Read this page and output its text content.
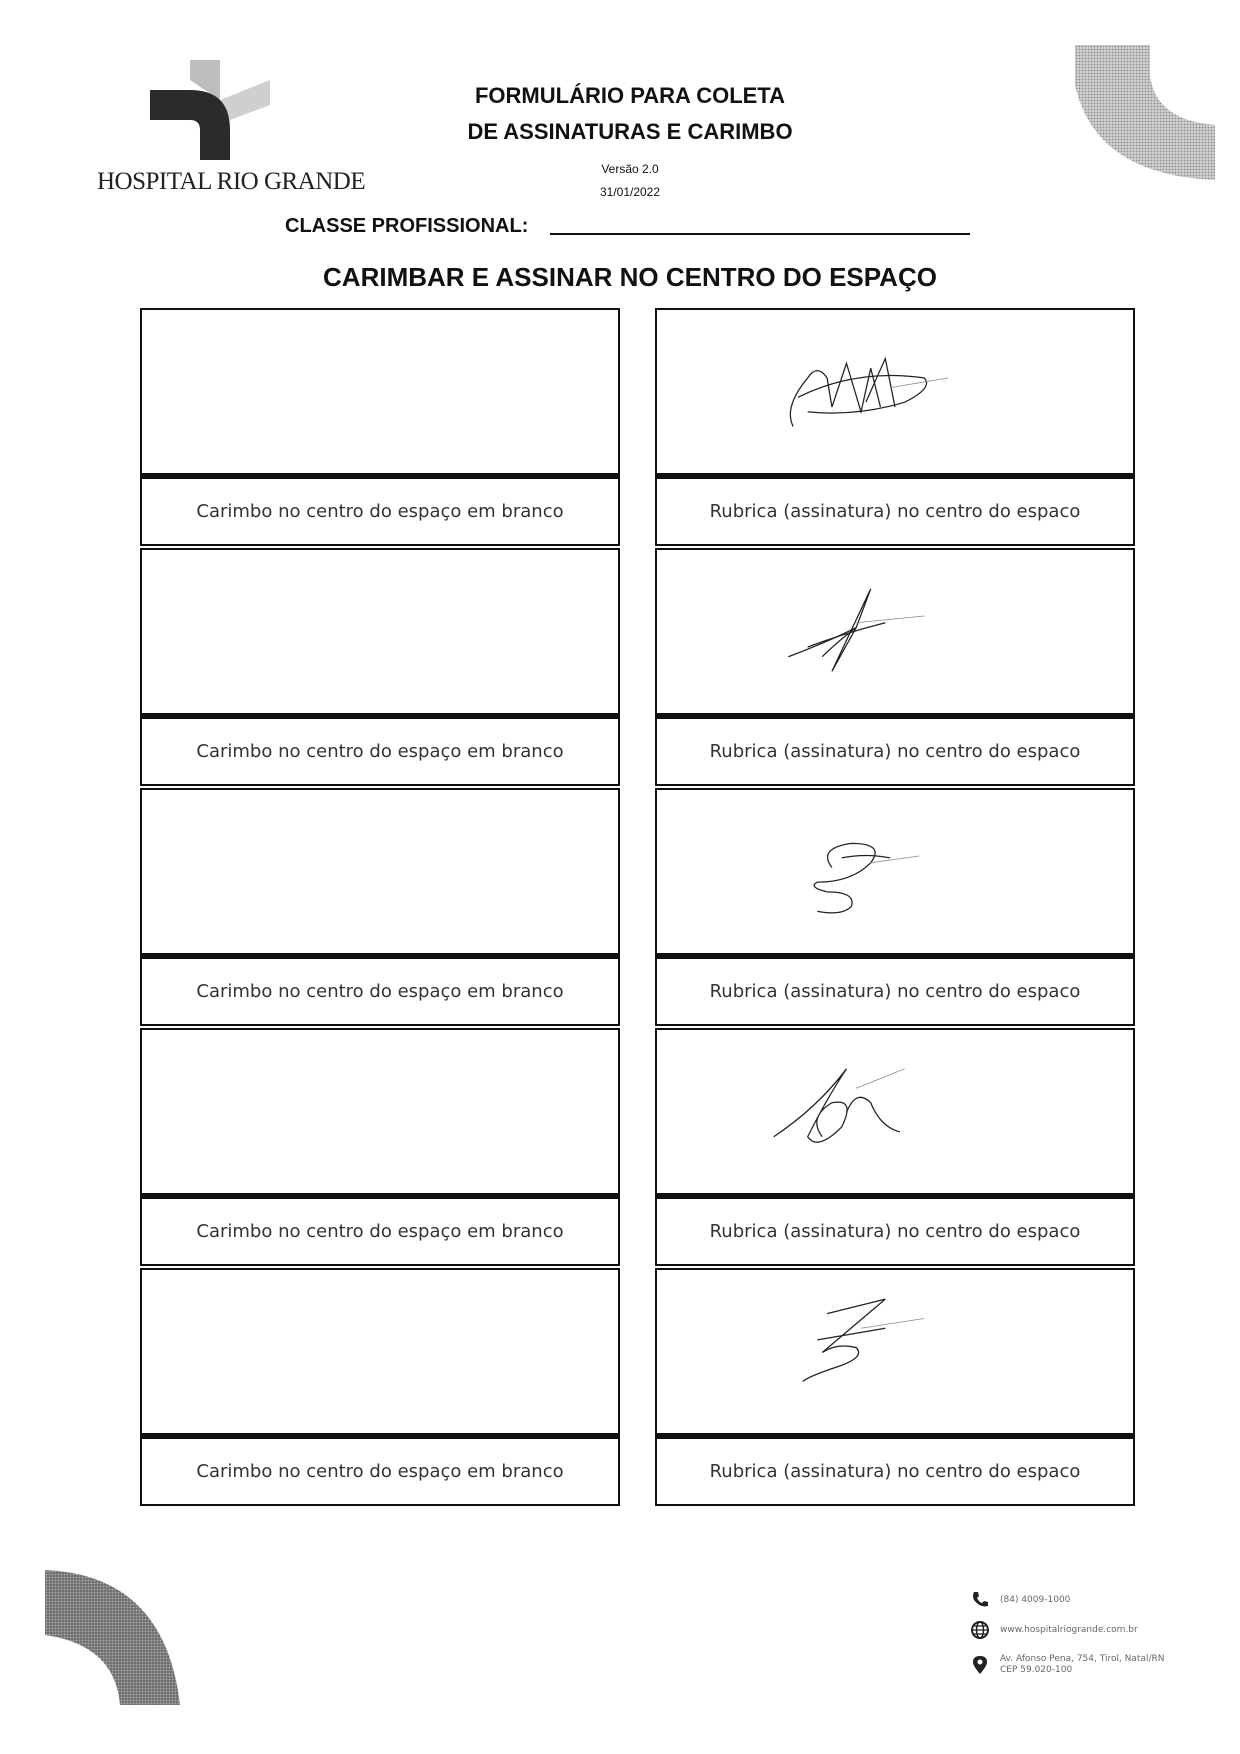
HOSPITAL RIO GRANDE
FORMULÁRIO PARA COLETA
DE ASSINATURAS E CARIMBO
Versão 2.0
31/01/2022
CLASSE PROFISSIONAL:
CARIMBAR E ASSINAR NO CENTRO DO ESPAÇO
Carimbo no centro do espaço em branco	Rubrica (assinatura) no centro do espaco
Carimbo no centro do espaço em branco	Rubrica (assinatura) no centro do espaco
Carimbo no centro do espaço em branco	Rubrica (assinatura) no centro do espaco
Carimbo no centro do espaço em branco	Rubrica (assinatura) no centro do espaco
Carimbo no centro do espaço em branco	Rubrica (assinatura) no centro do espaco
(84) 4009-1000
www.hospitalriogrande.com.br
Av. Afonso Pena, 754, Tirol, Natal/RN
CEP 59.020-100
